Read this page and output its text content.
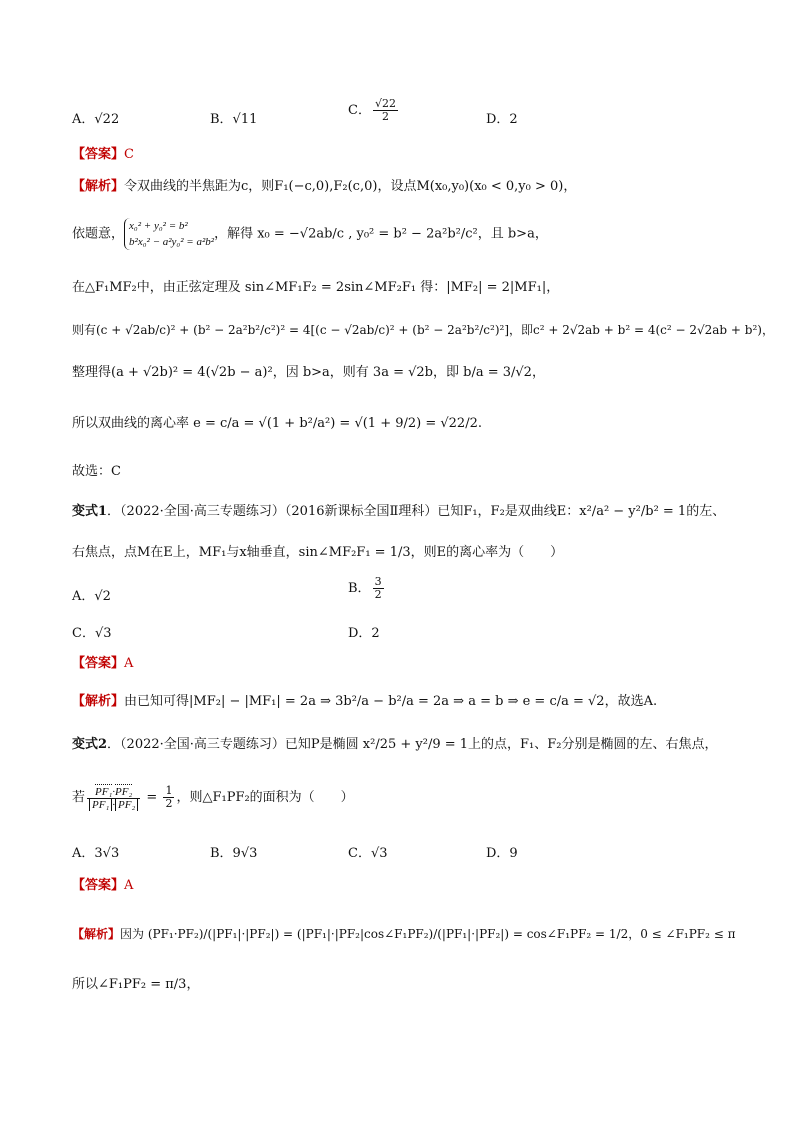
A．√22	B．√11
C． $\frac{√22}{2}$	D．2
【答案】C
【解析】令双曲线的半焦距为c，则F₁(−c,0),F₂(c,0)，设点M(x₀,y₀)(x₀ < 0,y₀ > 0)，
依题意，
x₀² + y₀² = b²
b²x₀² − a²y₀² = a²b²
，解得 x₀ = −√2ab/c , y₀² = b² − 2a²b²/c²，且 b>a，
在△F₁MF₂中，由正弦定理及 sin∠MF₁F₂ = 2sin∠MF₂F₁ 得：|MF₂| = 2|MF₁|，
则有(c + √2ab/c)² + (b² − 2a²b²/c²)² = 4[(c − √2ab/c)² + (b² − 2a²b²/c²)²]，即c² + 2√2ab + b² = 4(c² − 2√2ab + b²)，
整理得(a + √2b)² = 4(√2b − a)²，因 b>a，则有 3a = √2b，即 b/a = 3/√2，
所以双曲线的离心率 e = c/a = √(1 + b²/a²) = √(1 + 9/2) = √22/2.
故选：C
变式1．（2022·全国·高三专题练习）（2016新课标全国Ⅱ理科）已知F₁，F₂是双曲线E：x²/a² − y²/b² = 1的左、
右焦点，点M在E上，MF₁与x轴垂直，sin∠MF₂F₁ = 1/3，则E的离心率为（　　）
A．√2
B． $\frac{3}{2}$
C．√3	D．2
【答案】A
【解析】由已知可得|MF₂| − |MF₁| = 2a ⇒ 3b²/a − b²/a = 2a ⇒ a = b ⇒ e = c/a = √2，故选A.
变式2．（2022·全国·高三专题练习）已知P是椭圆 x²/25 + y²/9 = 1上的点，F₁、F₂分别是椭圆的左、右焦点，
若 $\frac{\text{PF₁·PF₂}}{\text{PF₁ · PF₂}} = \frac{1}{2}$ ，则△F₁PF₂的面积为（　　）
A．3√3	B．9√3	C．√3	D．9
【答案】A
【解析】因为 (PF₁·PF₂)/(|PF₁|·|PF₂|) = (|PF₁|·|PF₂|cos∠F₁PF₂)/(|PF₁|·|PF₂|) = cos∠F₁PF₂ = 1/2，0 ≤ ∠F₁PF₂ ≤ π
所以∠F₁PF₂ = π/3，
